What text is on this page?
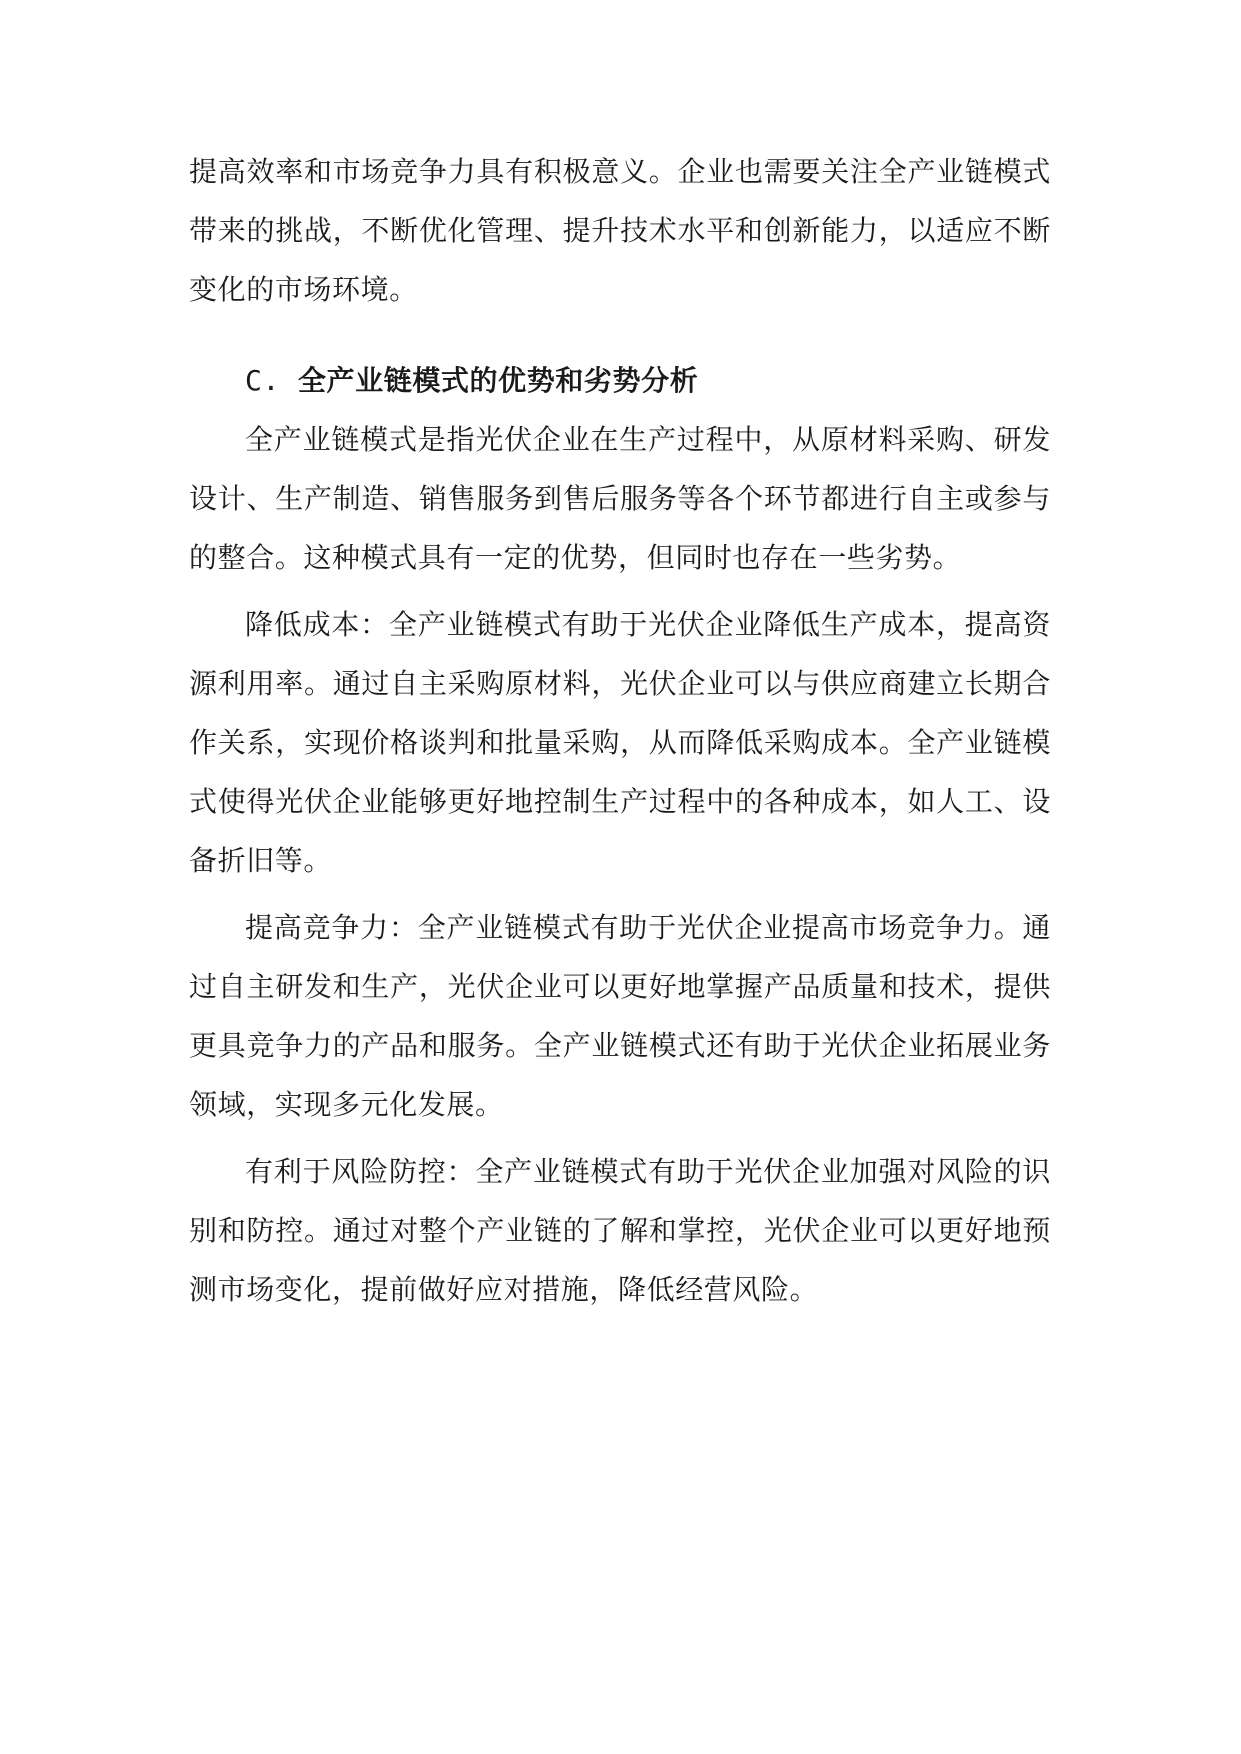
提高效率和市场竞争力具有积极意义。企业也需要关注全产业链模式带来的挑战，不断优化管理、提升技术水平和创新能力，以适应不断变化的市场环境。

C. 全产业链模式的优势和劣势分析

全产业链模式是指光伏企业在生产过程中，从原材料采购、研发设计、生产制造、销售服务到售后服务等各个环节都进行自主或参与的整合。这种模式具有一定的优势，但同时也存在一些劣势。

降低成本：全产业链模式有助于光伏企业降低生产成本，提高资源利用率。通过自主采购原材料，光伏企业可以与供应商建立长期合作关系，实现价格谈判和批量采购，从而降低采购成本。全产业链模式使得光伏企业能够更好地控制生产过程中的各种成本，如人工、设备折旧等。

提高竞争力：全产业链模式有助于光伏企业提高市场竞争力。通过自主研发和生产，光伏企业可以更好地掌握产品质量和技术，提供更具竞争力的产品和服务。全产业链模式还有助于光伏企业拓展业务领域，实现多元化发展。

有利于风险防控：全产业链模式有助于光伏企业加强对风险的识别和防控。通过对整个产业链的了解和掌控，光伏企业可以更好地预测市场变化，提前做好应对措施，降低经营风险。
